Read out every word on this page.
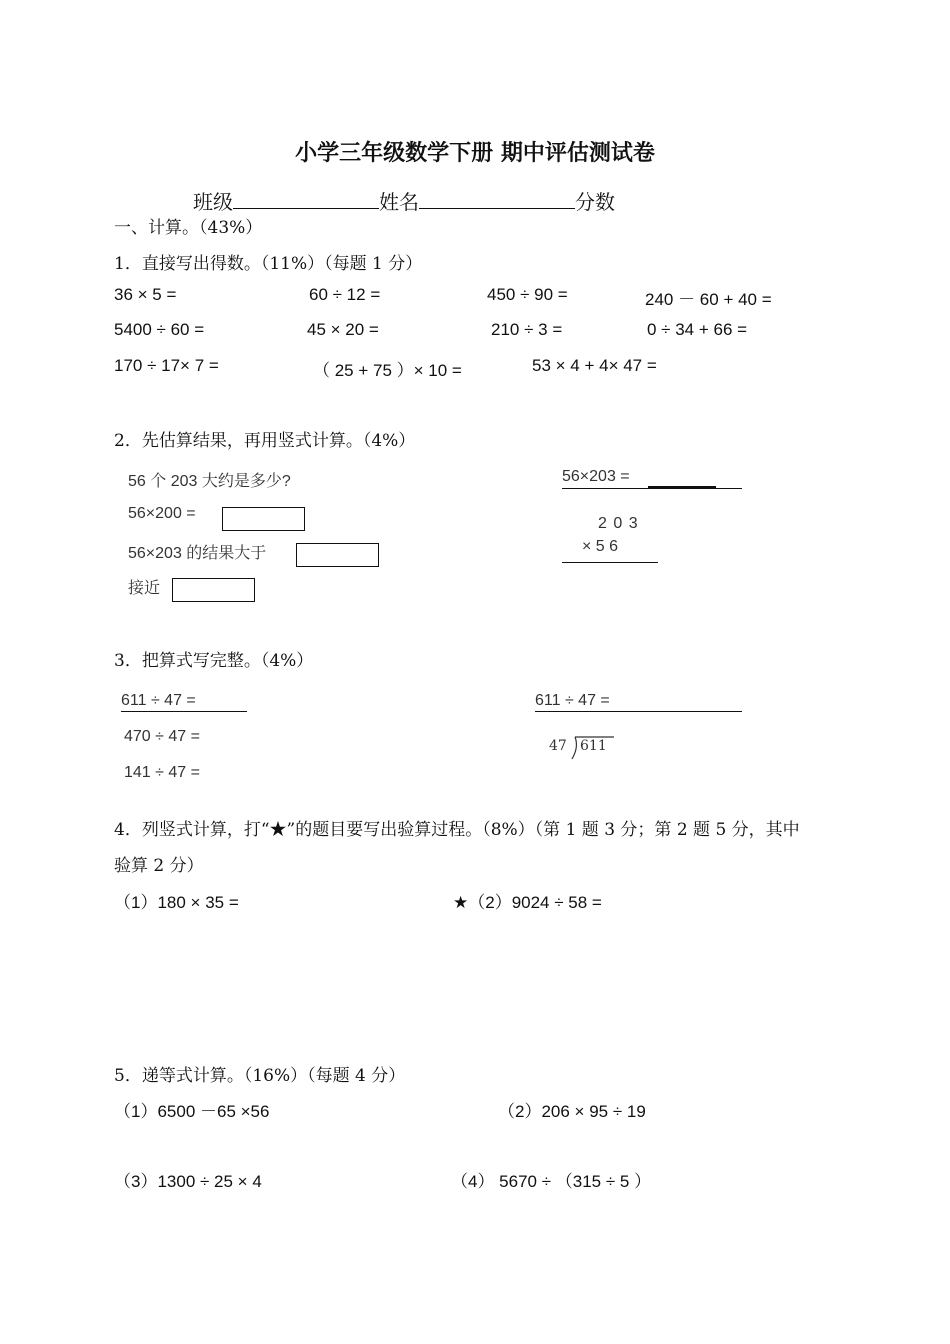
小学三年级数学下册 期中评估测试卷
班级	姓名	分数
一、计算。（43%）
1．直接写出得数。（11%）（每题 1 分）
36 × 5 =	60 ÷ 12 =	450 ÷ 90 =	240 － 60 + 40 =
5400 ÷ 60 =	45 × 20 =	210 ÷ 3 =	0 ÷ 34 + 66 =
170 ÷ 17× 7 =	（ 25 + 75 ）× 10 =	53 × 4 + 4× 47 =
2．先估算结果，再用竖式计算。（4%）
56 个 203 大约是多少?
56×200 =
56×203 的结果大于
接近
56×203 =
2 0 3
× 5 6
3．把算式写完整。（4%）
611 ÷ 47 =
470 ÷ 47 =
141 ÷ 47 =
611 ÷ 47 =
47 611
4．列竖式计算，打“★”的题目要写出验算过程。（8%）（第 1 题 3 分；第 2 题 5 分，其中
验算 2 分）
（1）180 × 35 =	★（2）9024 ÷ 58 =
5．递等式计算。（16%）（每题 4 分）
（1）6500 －65 ×56	（2）206 × 95 ÷ 19
（3）1300 ÷ 25 × 4	（4） 5670 ÷ （315 ÷ 5 ）
